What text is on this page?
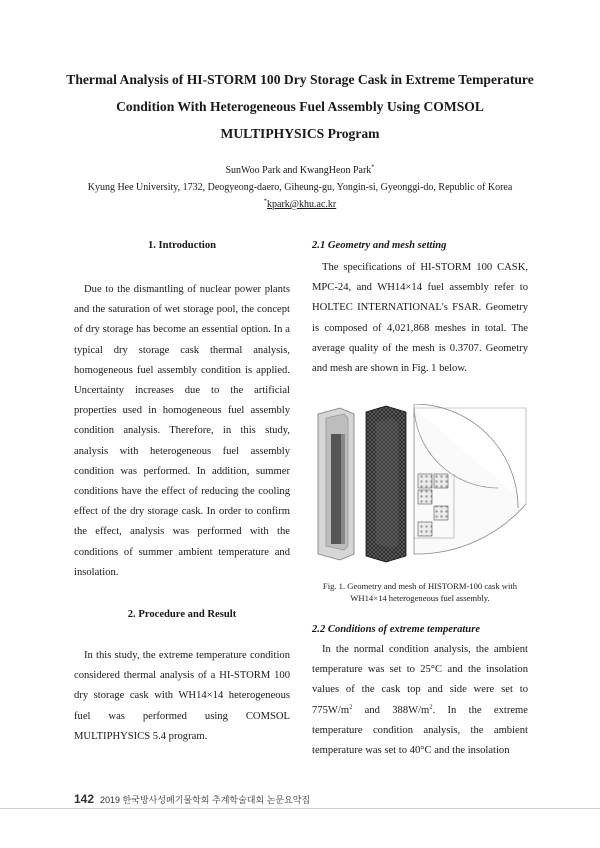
Thermal Analysis of HI-STORM 100 Dry Storage Cask in Extreme Temperature
Condition With Heterogeneous Fuel Assembly Using COMSOL
MULTIPHYSICS Program
SunWoo Park and KwangHeon Park*
Kyung Hee University, 1732, Deogyeong-daero, Giheung-gu, Yongin-si, Gyeonggi-do, Republic of Korea
*kpark@khu.ac.kr
1. Introduction

Due to the dismantling of nuclear power plants and the saturation of wet storage pool, the concept of dry storage has become an essential option. In a typical dry storage cask thermal analysis, homogeneous fuel assembly condition is applied. Uncertainty increases due to the artificial properties used in homogeneous fuel assembly condition analysis. Therefore, in this study, analysis with heterogeneous fuel assembly condition was performed. In addition, summer conditions have the effect of reducing the cooling effect of the dry storage cask. In order to confirm the effect, analysis was performed with the conditions of summer ambient temperature and insolation.

2. Procedure and Result

In this study, the extreme temperature condition considered thermal analysis of a HI-STORM 100 dry storage cask with WH14×14 heterogeneous fuel was performed using COMSOL MULTIPHYSICS 5.4 program.

2.1 Geometry and mesh setting

The specifications of HI-STORM 100 CASK, MPC-24, and WH14×14 fuel assembly refer to HOLTEC INTERNATIONAL's FSAR. Geometry is composed of 4,021,868 meshes in total. The average quality of the mesh is 0.3707. Geometry and mesh are shown in Fig. 1 below.

Fig. 1. Geometry and mesh of HISTORM-100 cask with
WH14×14 heterogeneous fuel assembly.
2.2 Conditions of extreme temperature

In the normal condition analysis, the ambient temperature was set to 25°C and the insolation values of the cask top and side were set to $775W/m^2$ and $388W/m^2$. In the extreme temperature condition analysis, the ambient temperature was set to 40°C and the insolation

142 2019 한국방사성폐기물학회 추계학술대회 논문요약집
